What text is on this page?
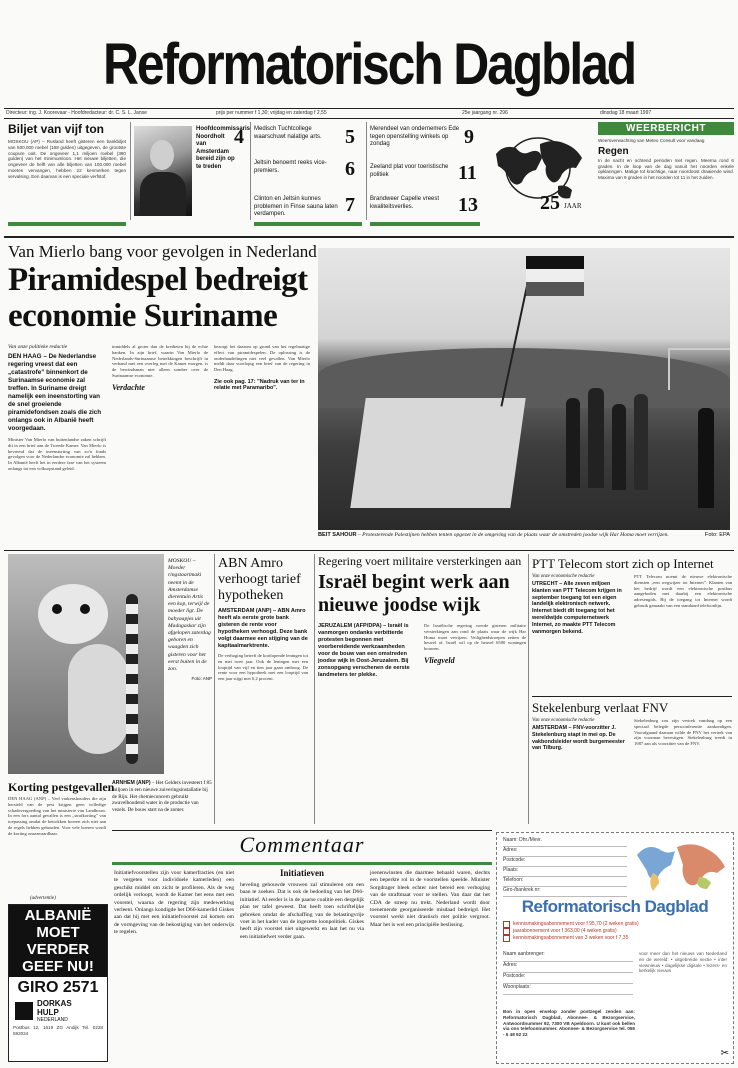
Reformatorisch Dagblad
Directeur: ing. J. Koorevaar - Hoofdredacteur: dr. C. S. L. Janse	prijs per nummer f 1,30; vrijdag en zaterdag f 2,55	25e jaargang nr. 296	dinsdag 18 maart 1997
Biljet van vijf ton
MOSKOU (AP) – Rusland heeft gisteren een bankbiljet van 500.000 roebel (168 gulden) uitgegeven, de grootste coupure ooit. De ongeveer 1,1 miljoen roebel (380 gulden) van het minimumloon. Het nieuwe biljetten, die ongeveer de helft van alle biljetten van 100.000 roebel moeten vervangen, hebben 22 kenmerken tegen vervalsing. Een daarvan is een speciale verfstof.
Hoofdcommissaris Noordholt van Amsterdam bereid zijn op te treden
4 Medisch Tuchtcollege waarschuwt nalatige arts.	5
Jeltsin benoemt reeks vice-premiers.	6
Clinton en Jeltsin kunnes problemen in Finse sauna laten verdampen.	7
Merendeel van ondernemers Ede tegen openstelling winkels op zondag	9
Zeeland plat voor toeristische politiek	11
Brandweer Capelle vreest kwaliteitsverlies.	13	25 JAAR
WEERBERICHT
Weersverwachting van Meteo Consult voor vandaag
Regen
In de nacht en ochtend perioden met regen. Meerna rond 6 graden. In de loop van de dag vanuit het noorden enkele opklaringen. Matige tot krachtige, naar noordoost draaiende wind. Maxima van 9 graden in het noorden tot 11 in het zuiden.
Van Mierlo bang voor gevolgen in Nederland
Piramidespel bedreigt
economie Suriname
Van onze politieke redactie
DEN HAAG – De Nederlandse regering vreest dat een „catastrofe” binnenkort de Surinaamse economie zal treffen. In Suriname dreigt namelijk een ineenstorting van de snel groeiende piramidefondsen zoals die zich onlangs ook in Albanië heeft voorgedaan.
Minister Van Mierlo van buitenlandse zaken schrijft dit in een brief aan de Tweede Kamer. Van Mierlo is bevreesd dat de ineenstorting van zo'n fonds gevolgen voor de Nederlandse economie zal hebben. In Albanië heeft het in eerdere fase van het systeem onlangs tot een volksopstand geleid.
inmiddels al groter dan de kredieten bij de echte banken. In zijn brief, waarin Van Mierlo de Nederlands-Surinaamse betrekkingen beschrijft in verband met een overleg met de Kamer morgen, is de bewindsman niet alleen somber over de Surinaamse economie.
Verdachte
bezorgt het daarom op grond van het regelmatige effect van piramidespelen. De oplossing is de onderhandelingen niet veel gevallen. Van Mierlo meldt daar voorlopig een brief van de regering in Den Haag.
Zie ook pag. 17: "Nadruk van ter in relatie met Paramaribo".
BEIT SAHOUR – Protesterende Palestijnen hebben tenten opgezet in de omgeving van de plaats waar de omstreden joodse wijk Har Homa moet verrijzen.	Foto: EPA
MOSKOU – Moeder ringstaartmaki neemt in de Amsterdamse dierentuin Artis een kop, terwijl de moeder ligt. De babyaapjes uit Madagaskar zijn afgelopen zaterdag geboren en waagden zich gisteren voor het eerst buiten in de zon.
Foto: ANP
Korting pestgevallen
DEN HAAG (ANP) – Veel varkenshouders die zijn hersteld van de pest krijgen geen volledige schadevergoeding van het ministerie van Landbouw. In een fors aantal gevallen is een „strafkorting” van toepassing omdat de betrokken boeren zich niet aan de regels hebben gehouden. Voor vele boeren wordt de korting onaanvaardbaar.
ARNHEM (ANP) – Het Gelders investeert f 85 miljoen in een nieuwe zuiveringsinstallatie bij de Rijn. Het chemieconcern gebruikt zwavelhoudend water in de productie van vezels. De bouw start na de zomer.
ABN Amro verhoogt tarief hypotheken
AMSTERDAM (ANP) – ABN Amro heeft als eerste grote bank gisteren de rente voor hypotheken verhoogd. Deze bank volgt daarmee een stijging van de kapitaalmarktrente.
De verhoging betreft de kortlopende leningen tot en met twee jaar. Ook de leningen met een looptijd van vijf en tien jaar gaan omhoog. De rente voor een hypotheek met een looptijd van een jaar stijgt met 0,2 procent.
Regering voert militaire versterkingen aan
Israël begint werk aan
nieuwe joodse wijk
JERUZALEM (AFP/DPA) – Israël is vanmorgen ondanks verbitterde protesten begonnen met voorbereidende werkzaamheden voor de bouw van een omstreden joodse wijk in Oost-Jeruzalem. Bij zonsopgang verschenen de eerste landmeters ter plekke.
De Israëlische regering voerde gisteren militaire versterkingen aan rond de plaats waar de wijk Har Homa moet verrijzen. Veiligheidstroepen zetten de heuvel af. Israël wil op de heuvel 6500 woningen bouwen.
Vliegveld
PTT Telecom stort zich op Internet
Van onze economische redactie
UTRECHT – Alle zeven miljoen klanten van PTT Telecom krijgen in september toegang tot een eigen landelijk elektronisch netwerk. Internet biedt dit toegang tot het wereldwijde computernetwerk Internet, zo maakte PTT Telecom vanmorgen bekend.
PTT Telecom noemt de nieuwe elektronische diensten „een wegwijzer tot Internet”. Klanten van het bedrijf wordt een elektronische postbus aangeboden met daarbij een elektronische adresengids. Bij de toegang tot Internet wordt gebruik gemaakt van een standaard telefoonlijn.
Stekelenburg verlaat FNV
Van onze economische redactie
AMSTERDAM – FNV-voorzitter J. Stekelenburg stapt in mei op. De vakbondsleider wordt burgemeester van Tilburg.
Stekelenburg zou zijn vertrek vandaag op een speciaal belegde persconferentie aankondigen. Voorafgaand daaraan wilde de FNV het vertrek van zijn voorman bevestigen. Stekelenburg treedt in 1987 aan als voorzitter van de FNV.
(advertentie)
ALBANIË
MOET
VERDER
GEEF NU!
GIRO 2571
DORKAS
HULP
NEDERLAND
Postbus 12, 1619 ZG Andijk Tel. 0228 592024
Commentaar
Initiatiefvoorstellen zijn voor kamerfracties (en niet te vergeten voor individuele kamerleden) een geschikt middel om zicht te profileren. Als de weg ordelijk verloopt, wordt de Kamer het eens met een voorstel, waarna de regering zijn medewerking verleent. Onlangs kondigde het D66-kamerlid Giskes aan dat hij met een initiatiefvoorstel zal komen om de vormgeving van de bekostiging van het onderwijs te regelen.
Initiatieven
heveling gehouwde vrouwen zal stimuleren om een baan te zoeken. Dat is ook de bedoeling van het D66-initiatief. Al eerder is in de paarse coalitie een dergelijk plan ter tafel geweest. Dat heeft toen schriftelijke gebreken omdat de afschaffing van de belastingvrije voet in het kader van de ingezette loonpolitiek. Giskes heeft zijn voorstel niet uitgewerkt en laat het nu via een initiatiefwet verder gaan.
joenenwinsten die daarmee behaald waren, slechts een beperkte rol in de voorstellen speelde. Minister Sorgdrager bleek echter niet bereid een verhoging van de straftmaat voor te stellen. Van daar dat het CDA de streep nu trekt. Nederland wordt door toenemende georganiseerde misdaad bedreigd. Het voorstel werkt niet drastisch met politie vergroot. Maar het is wel een principiële beslissing.
Naam: Dhr./Mevr.
Adres:
Postcode:
Plaats:
Telefoon:
Giro-/bankrek.nr:
Reformatorisch Dagblad
kennismakingsabonnement voor f 95,70 (2 weken gratis)
jaarabonnement voor f 363,00 (4 weken gratis)
kennismakingsabonnement van 3 weken voor f 7,35
Naam aanbrenger:
Adres:
Postcode:
Woonplaats:
voor meer dan het nieuws van Nederland en de wereld: • uitgebreide sectie • inter viewnieuw • dagelijkse digitale • lezers- en kerkelijk nieuws
Bon in open envelop zonder postzegel zenden aan: Reformatorisch Dagblad, Abonnee- & Bezorgservice, Antwoordnummer 92, 7300 VB Apeldoorn. U kunt ook bellen via ons telefoonnummer. Abonnee- & Bezorgservice tel. 055 - 5 48 92 22
✂
